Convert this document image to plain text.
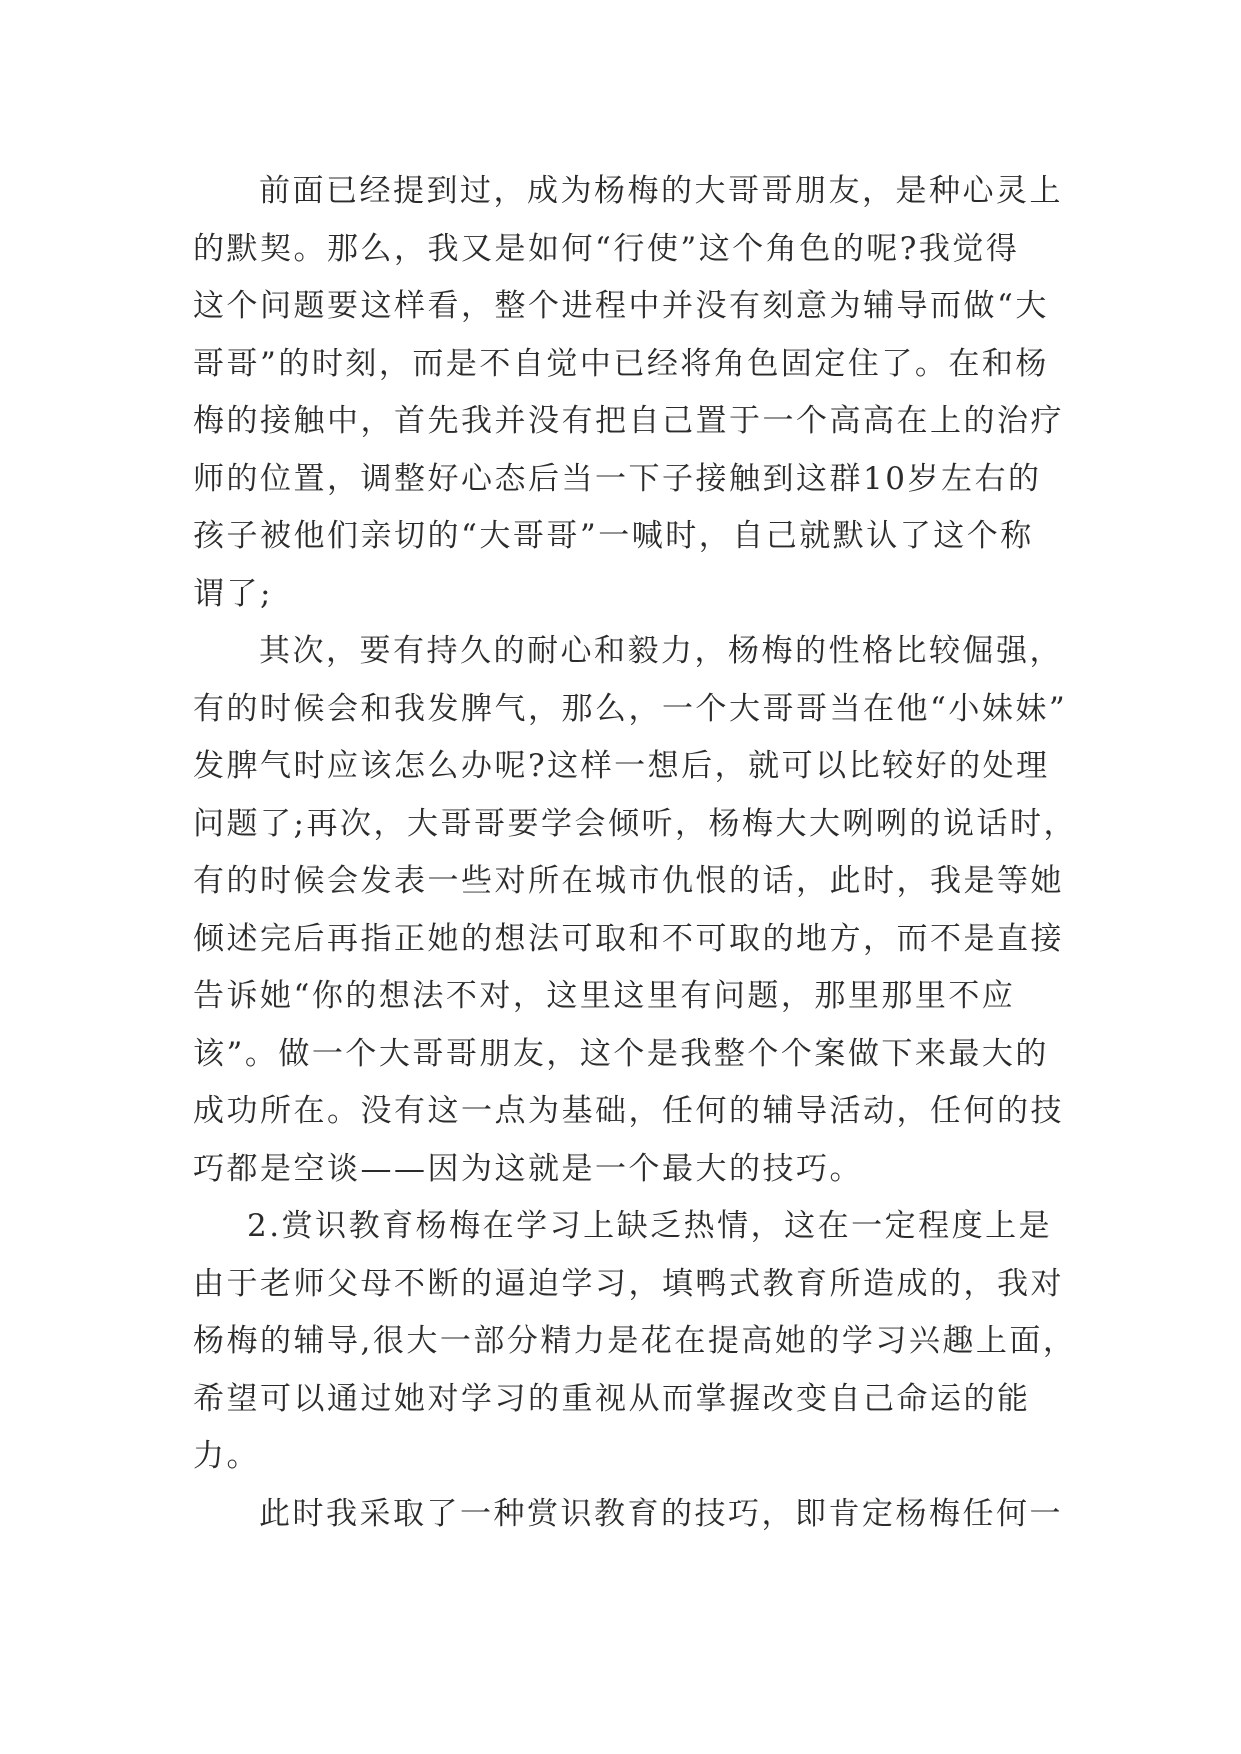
前面已经提到过，成为杨梅的大哥哥朋友，是种心灵上
的默契。那么，我又是如何“行使”这个角色的呢?我觉得
这个问题要这样看，整个进程中并没有刻意为辅导而做“大
哥哥”的时刻，而是不自觉中已经将角色固定住了。在和杨
梅的接触中，首先我并没有把自己置于一个高高在上的治疗
师的位置，调整好心态后当一下子接触到这群10岁左右的
孩子被他们亲切的“大哥哥”一喊时，自己就默认了这个称
谓了;
其次，要有持久的耐心和毅力，杨梅的性格比较倔强，
有的时候会和我发脾气，那么，一个大哥哥当在他“小妹妹”
发脾气时应该怎么办呢?这样一想后，就可以比较好的处理
问题了;再次，大哥哥要学会倾听，杨梅大大咧咧的说话时，
有的时候会发表一些对所在城市仇恨的话，此时，我是等她
倾述完后再指正她的想法可取和不可取的地方，而不是直接
告诉她“你的想法不对，这里这里有问题，那里那里不应
该”。做一个大哥哥朋友，这个是我整个个案做下来最大的
成功所在。没有这一点为基础，任何的辅导活动，任何的技
巧都是空谈——因为这就是一个最大的技巧。
2.赏识教育杨梅在学习上缺乏热情，这在一定程度上是
由于老师父母不断的逼迫学习，填鸭式教育所造成的，我对
杨梅的辅导,很大一部分精力是花在提高她的学习兴趣上面，
希望可以通过她对学习的重视从而掌握改变自己命运的能
力。
此时我采取了一种赏识教育的技巧，即肯定杨梅任何一
